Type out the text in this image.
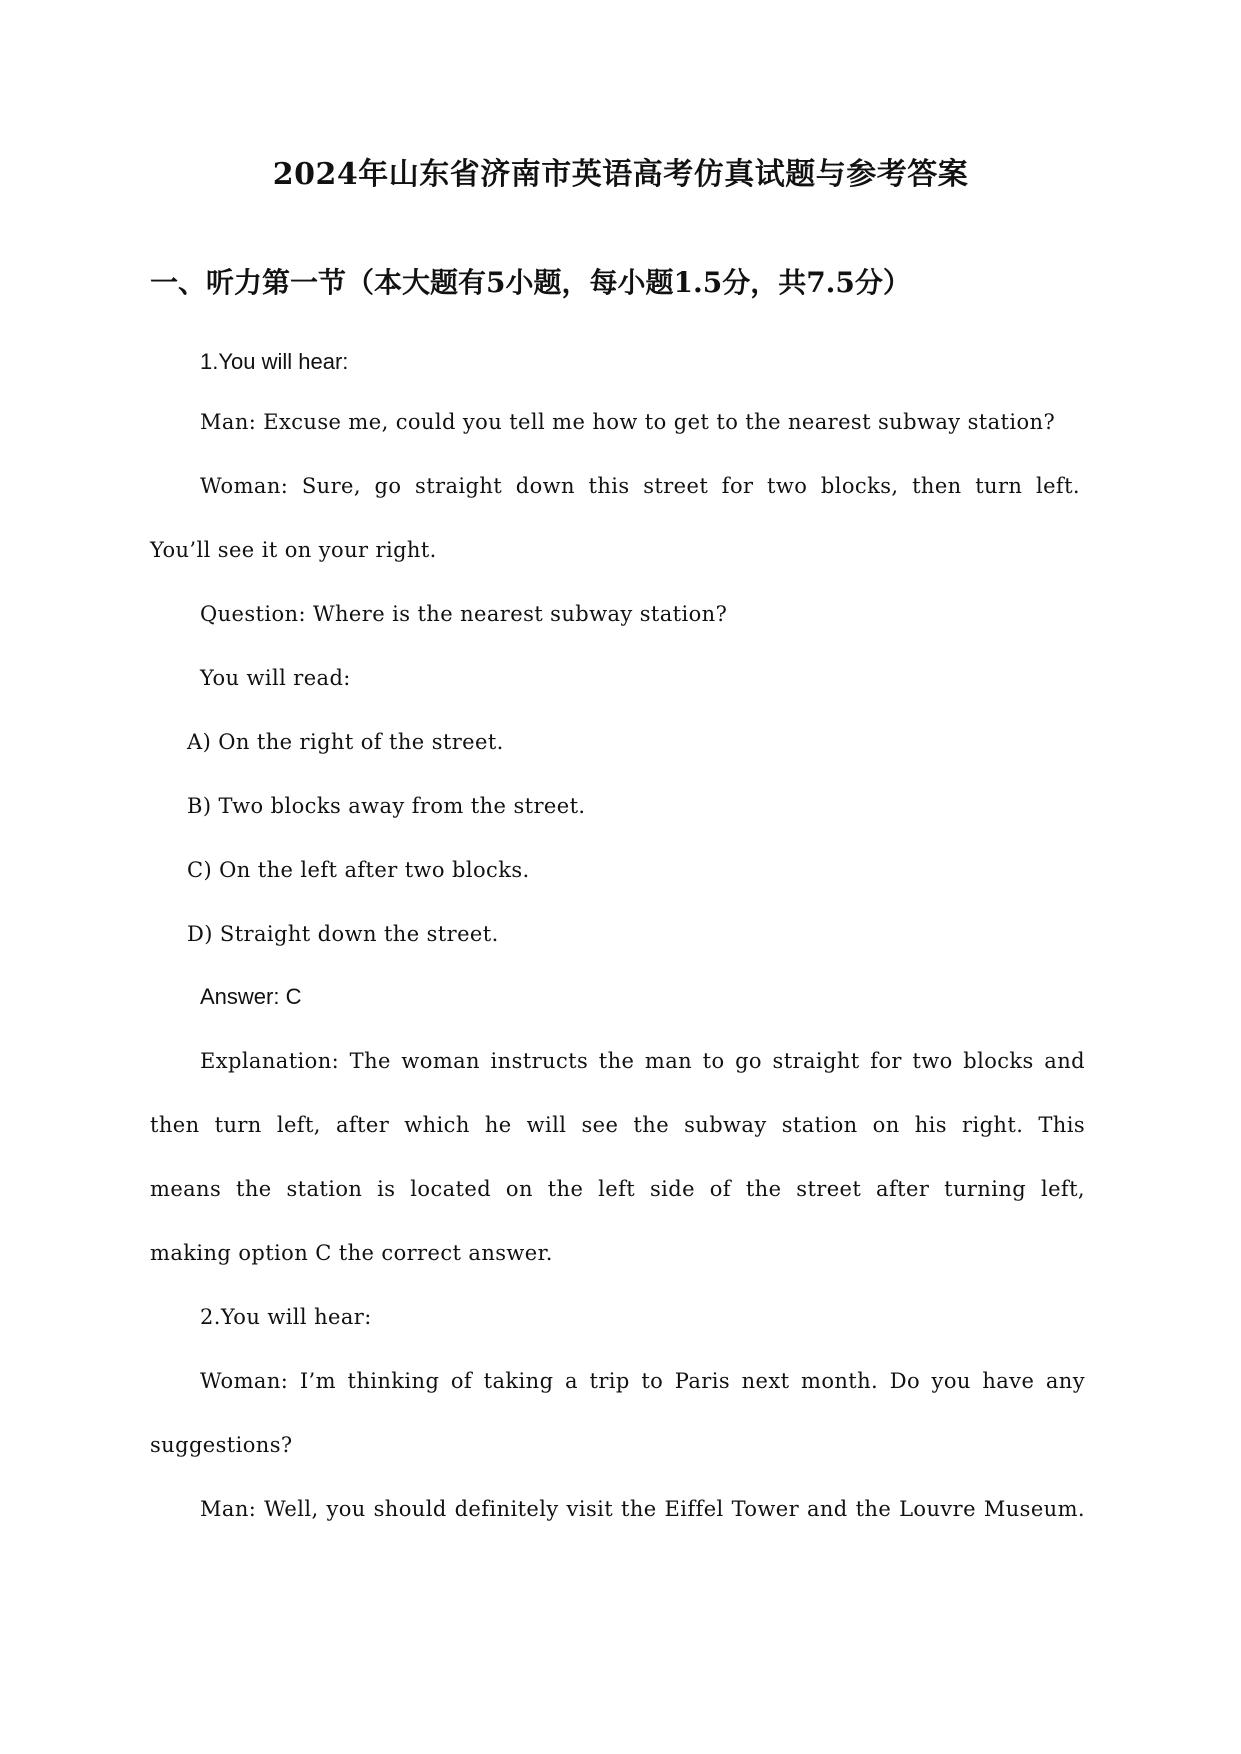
2024年山东省济南市英语高考仿真试题与参考答案
一、听力第一节（本大题有5小题，每小题1.5分，共7.5分）
1.You will hear:
Man: Excuse me, could you tell me how to get to the nearest subway station?
Woman: Sure, go straight down this street for two blocks, then turn left.
You’ll see it on your right.
Question: Where is the nearest subway station?
You will read:
A) On the right of the street.
B) Two blocks away from the street.
C) On the left after two blocks.
D) Straight down the street.
Answer: C
Explanation: The woman instructs the man to go straight for two blocks and
then turn left, after which he will see the subway station on his right. This
means the station is located on the left side of the street after turning left,
making option C the correct answer.
2.You will hear:
Woman: I’m thinking of taking a trip to Paris next month. Do you have any
suggestions?
Man: Well, you should definitely visit the Eiffel Tower and the Louvre Museum.
